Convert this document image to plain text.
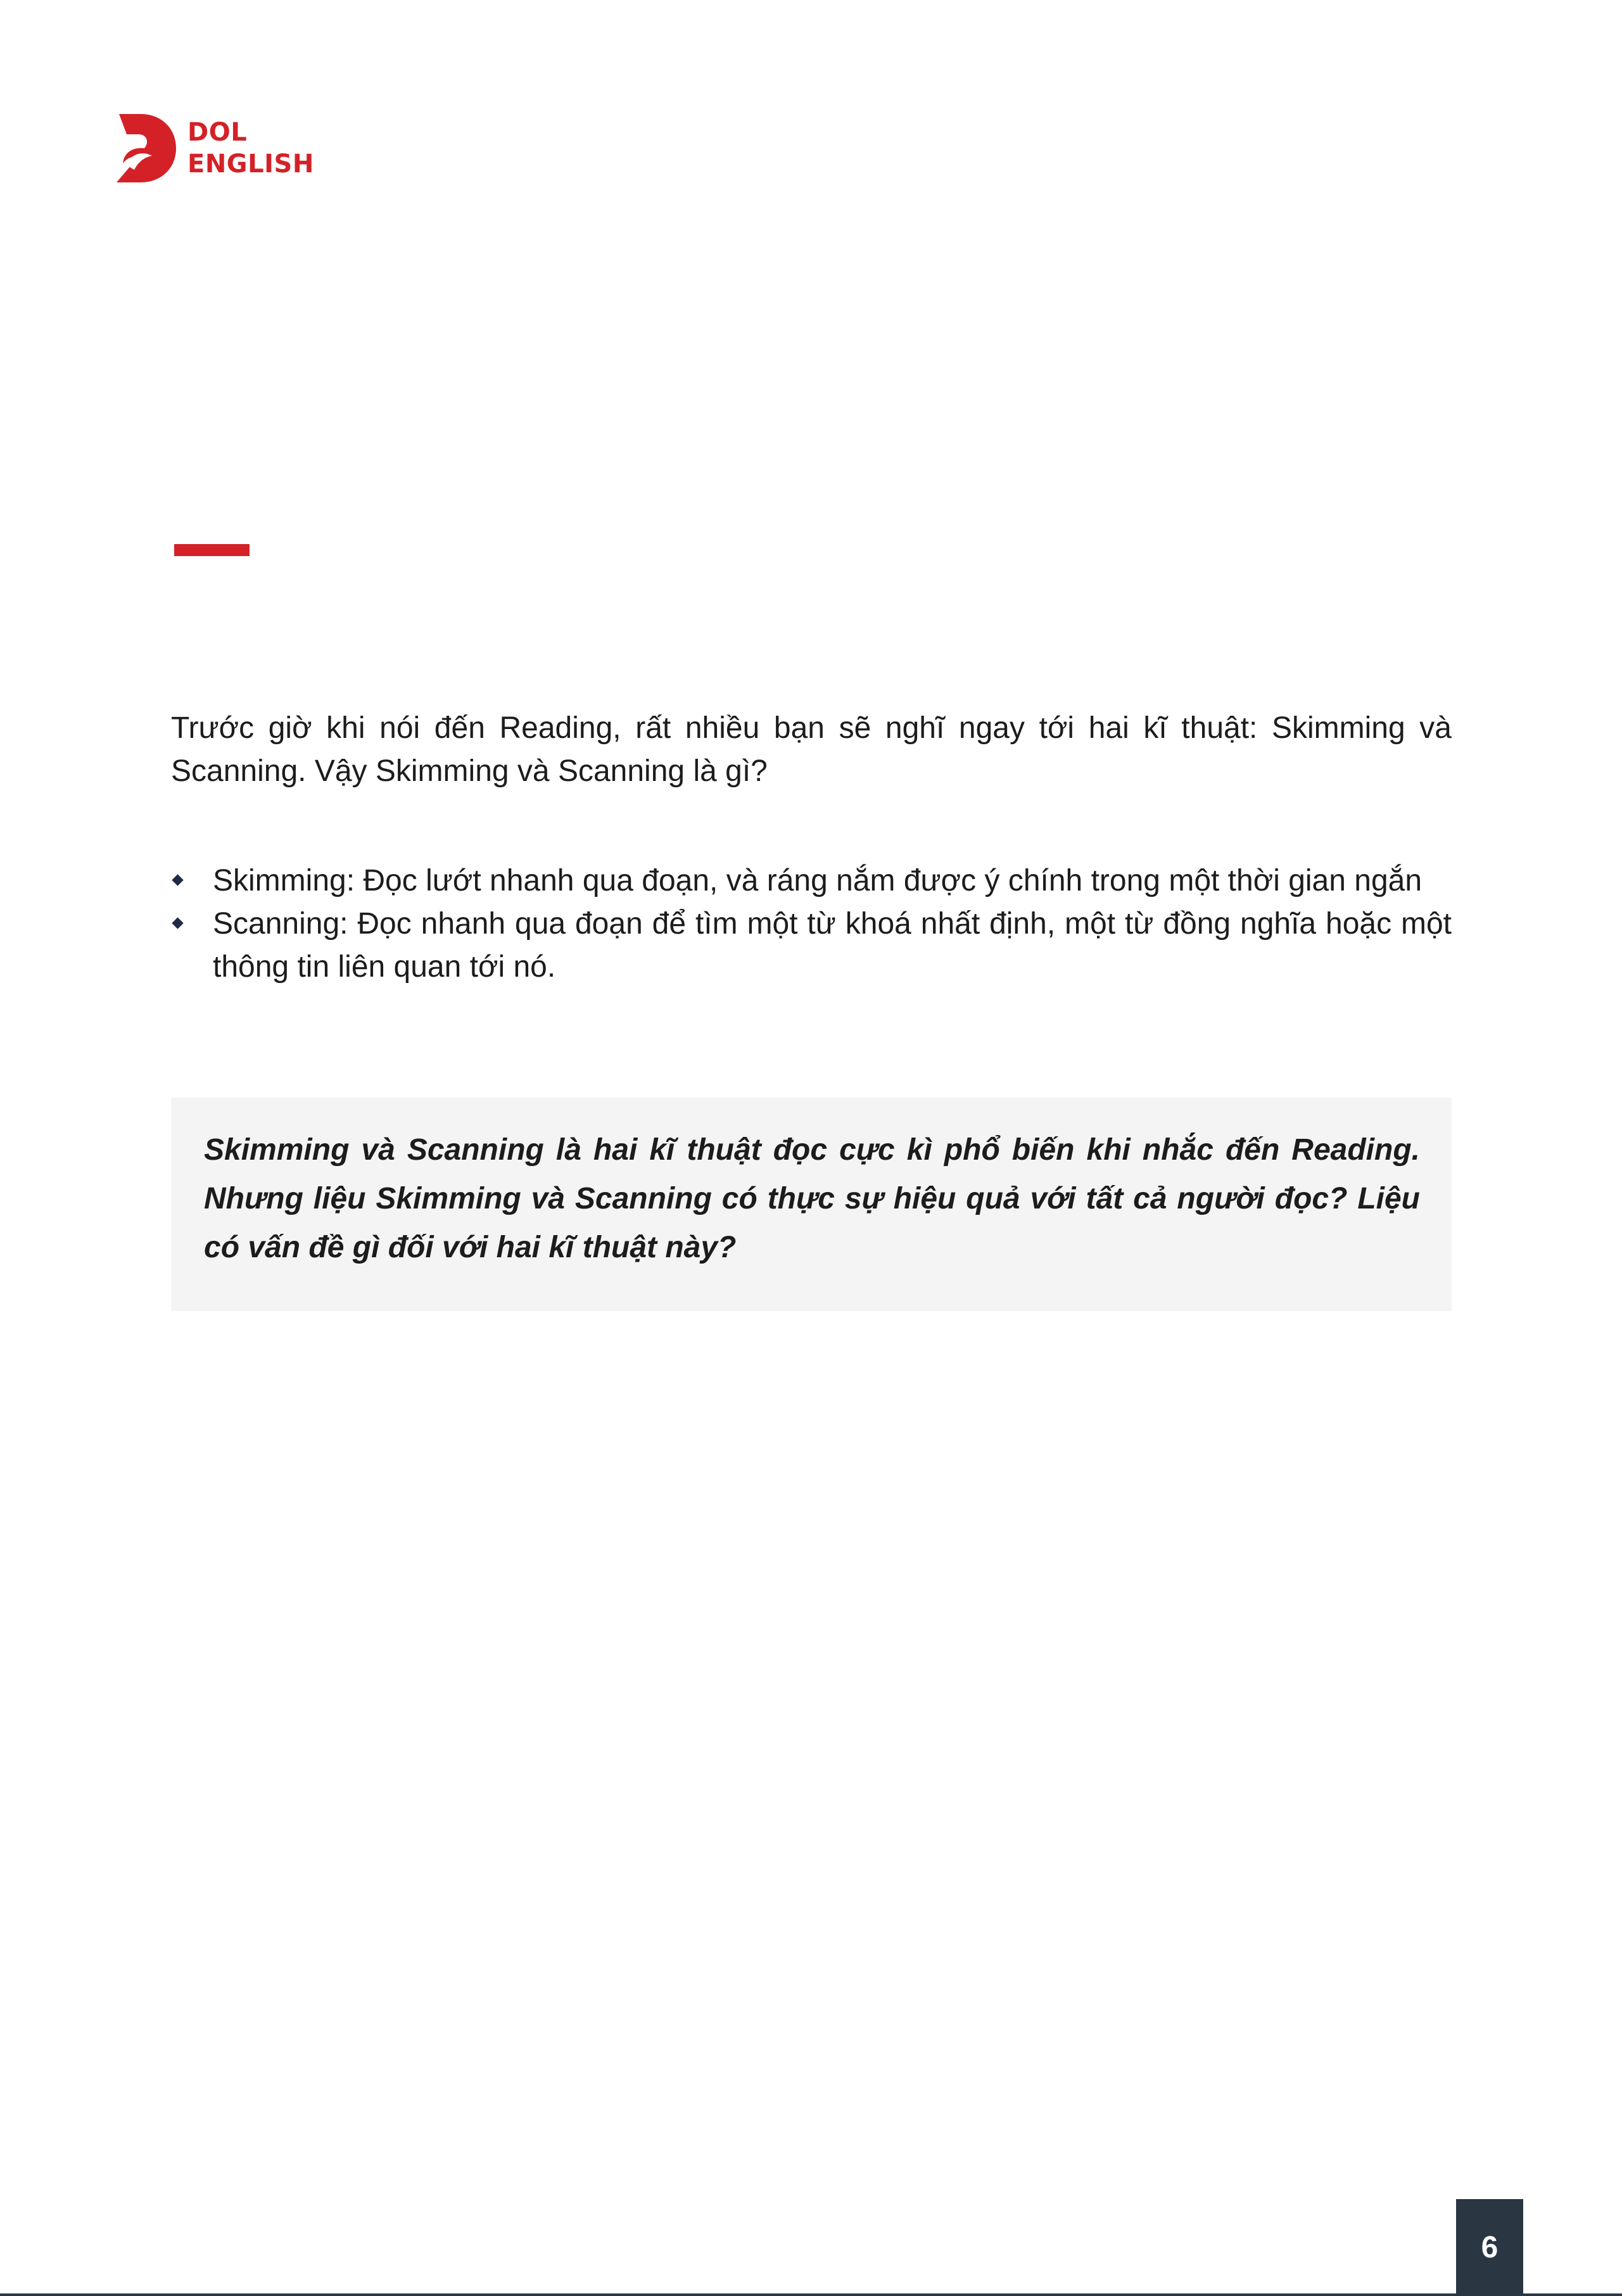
DOL
ENGLISH

Trước giờ khi nói đến Reading, rất nhiều bạn sẽ nghĩ ngay tới hai kĩ thuật: Skimming và Scanning. Vậy Skimming và Scanning là gì?

Skimming: Đọc lướt nhanh qua đoạn, và ráng nắm được ý chính trong một thời gian ngắn
Scanning: Đọc nhanh qua đoạn để tìm một từ khoá nhất định, một từ đồng nghĩa hoặc một thông tin liên quan tới nó.

Skimming và Scanning là hai kĩ thuật đọc cực kì phổ biến khi nhắc đến Reading. Nhưng liệu Skimming và Scanning có thực sự hiệu quả với tất cả người đọc? Liệu có vấn đề gì đối với hai kĩ thuật này?

6
